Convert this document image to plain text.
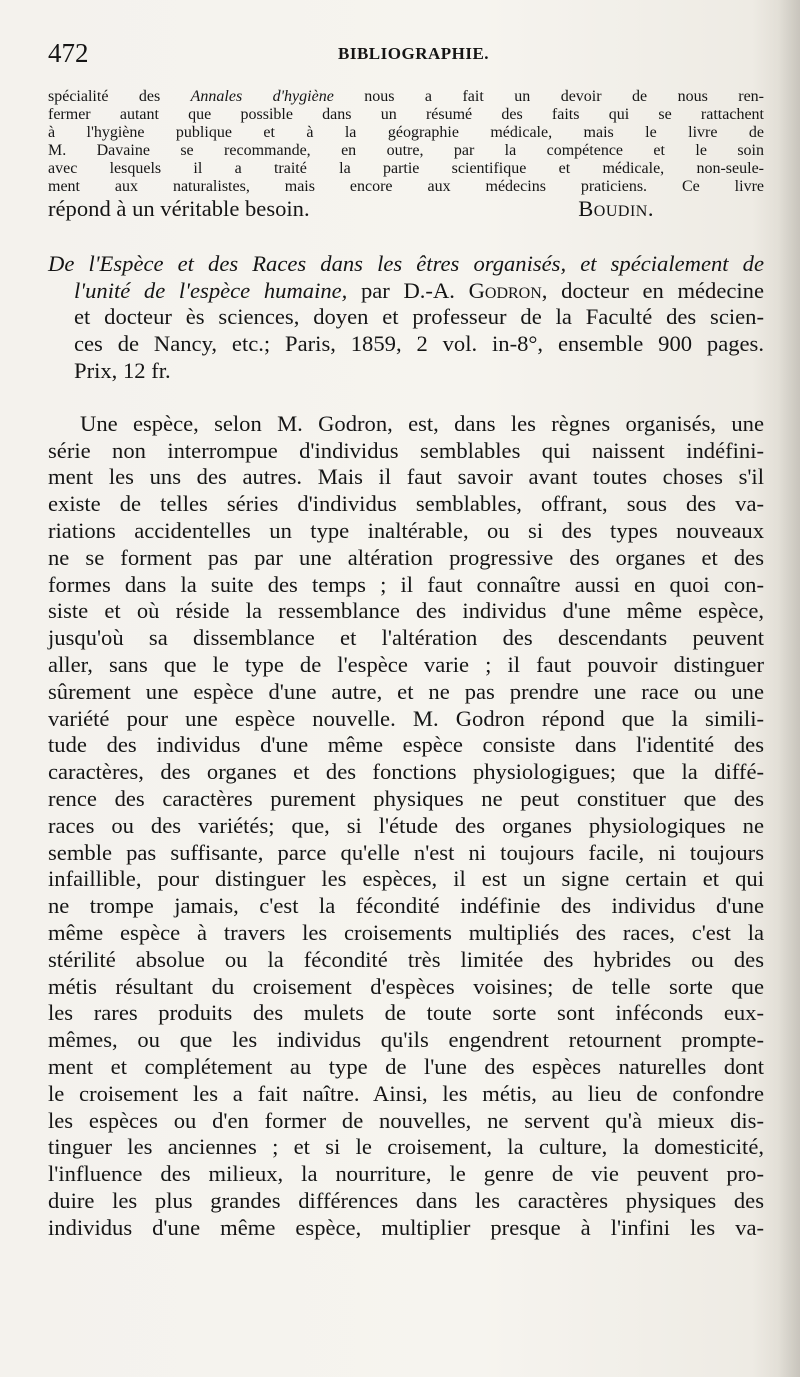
472	BIBLIOGRAPHIE.
spécialité des Annales d'hygiène nous a fait un devoir de nous ren-
fermer autant que possible dans un résumé des faits qui se rattachent
à l'hygiène publique et à la géographie médicale, mais le livre de
M. Davaine se recommande, en outre, par la compétence et le soin
avec lesquels il a traité la partie scientifique et médicale, non-seule-
ment aux naturalistes, mais encore aux médecins praticiens. Ce livre
répond à un véritable besoin.	Boudin.
De l'Espèce et des Races dans les êtres organisés, et spécialement de
l'unité de l'espèce humaine, par D.-A. Godron, docteur en médecine
et docteur ès sciences, doyen et professeur de la Faculté des scien-
ces de Nancy, etc.; Paris, 1859, 2 vol. in-8°, ensemble 900 pages.
Prix, 12 fr.
Une espèce, selon M. Godron, est, dans les règnes organisés, une
série non interrompue d'individus semblables qui naissent indéfini-
ment les uns des autres. Mais il faut savoir avant toutes choses s'il
existe de telles séries d'individus semblables, offrant, sous des va-
riations accidentelles un type inaltérable, ou si des types nouveaux
ne se forment pas par une altération progressive des organes et des
formes dans la suite des temps ; il faut connaître aussi en quoi con-
siste et où réside la ressemblance des individus d'une même espèce,
jusqu'où sa dissemblance et l'altération des descendants peuvent
aller, sans que le type de l'espèce varie ; il faut pouvoir distinguer
sûrement une espèce d'une autre, et ne pas prendre une race ou une
variété pour une espèce nouvelle. M. Godron répond que la simili-
tude des individus d'une même espèce consiste dans l'identité des
caractères, des organes et des fonctions physiologigues; que la diffé-
rence des caractères purement physiques ne peut constituer que des
races ou des variétés; que, si l'étude des organes physiologiques ne
semble pas suffisante, parce qu'elle n'est ni toujours facile, ni toujours
infaillible, pour distinguer les espèces, il est un signe certain et qui
ne trompe jamais, c'est la fécondité indéfinie des individus d'une
même espèce à travers les croisements multipliés des races, c'est la
stérilité absolue ou la fécondité très limitée des hybrides ou des
métis résultant du croisement d'espèces voisines; de telle sorte que
les rares produits des mulets de toute sorte sont inféconds eux-
mêmes, ou que les individus qu'ils engendrent retournent prompte-
ment et complétement au type de l'une des espèces naturelles dont
le croisement les a fait naître. Ainsi, les métis, au lieu de confondre
les espèces ou d'en former de nouvelles, ne servent qu'à mieux dis-
tinguer les anciennes ; et si le croisement, la culture, la domesticité,
l'influence des milieux, la nourriture, le genre de vie peuvent pro-
duire les plus grandes différences dans les caractères physiques des
individus d'une même espèce, multiplier presque à l'infini les va-
